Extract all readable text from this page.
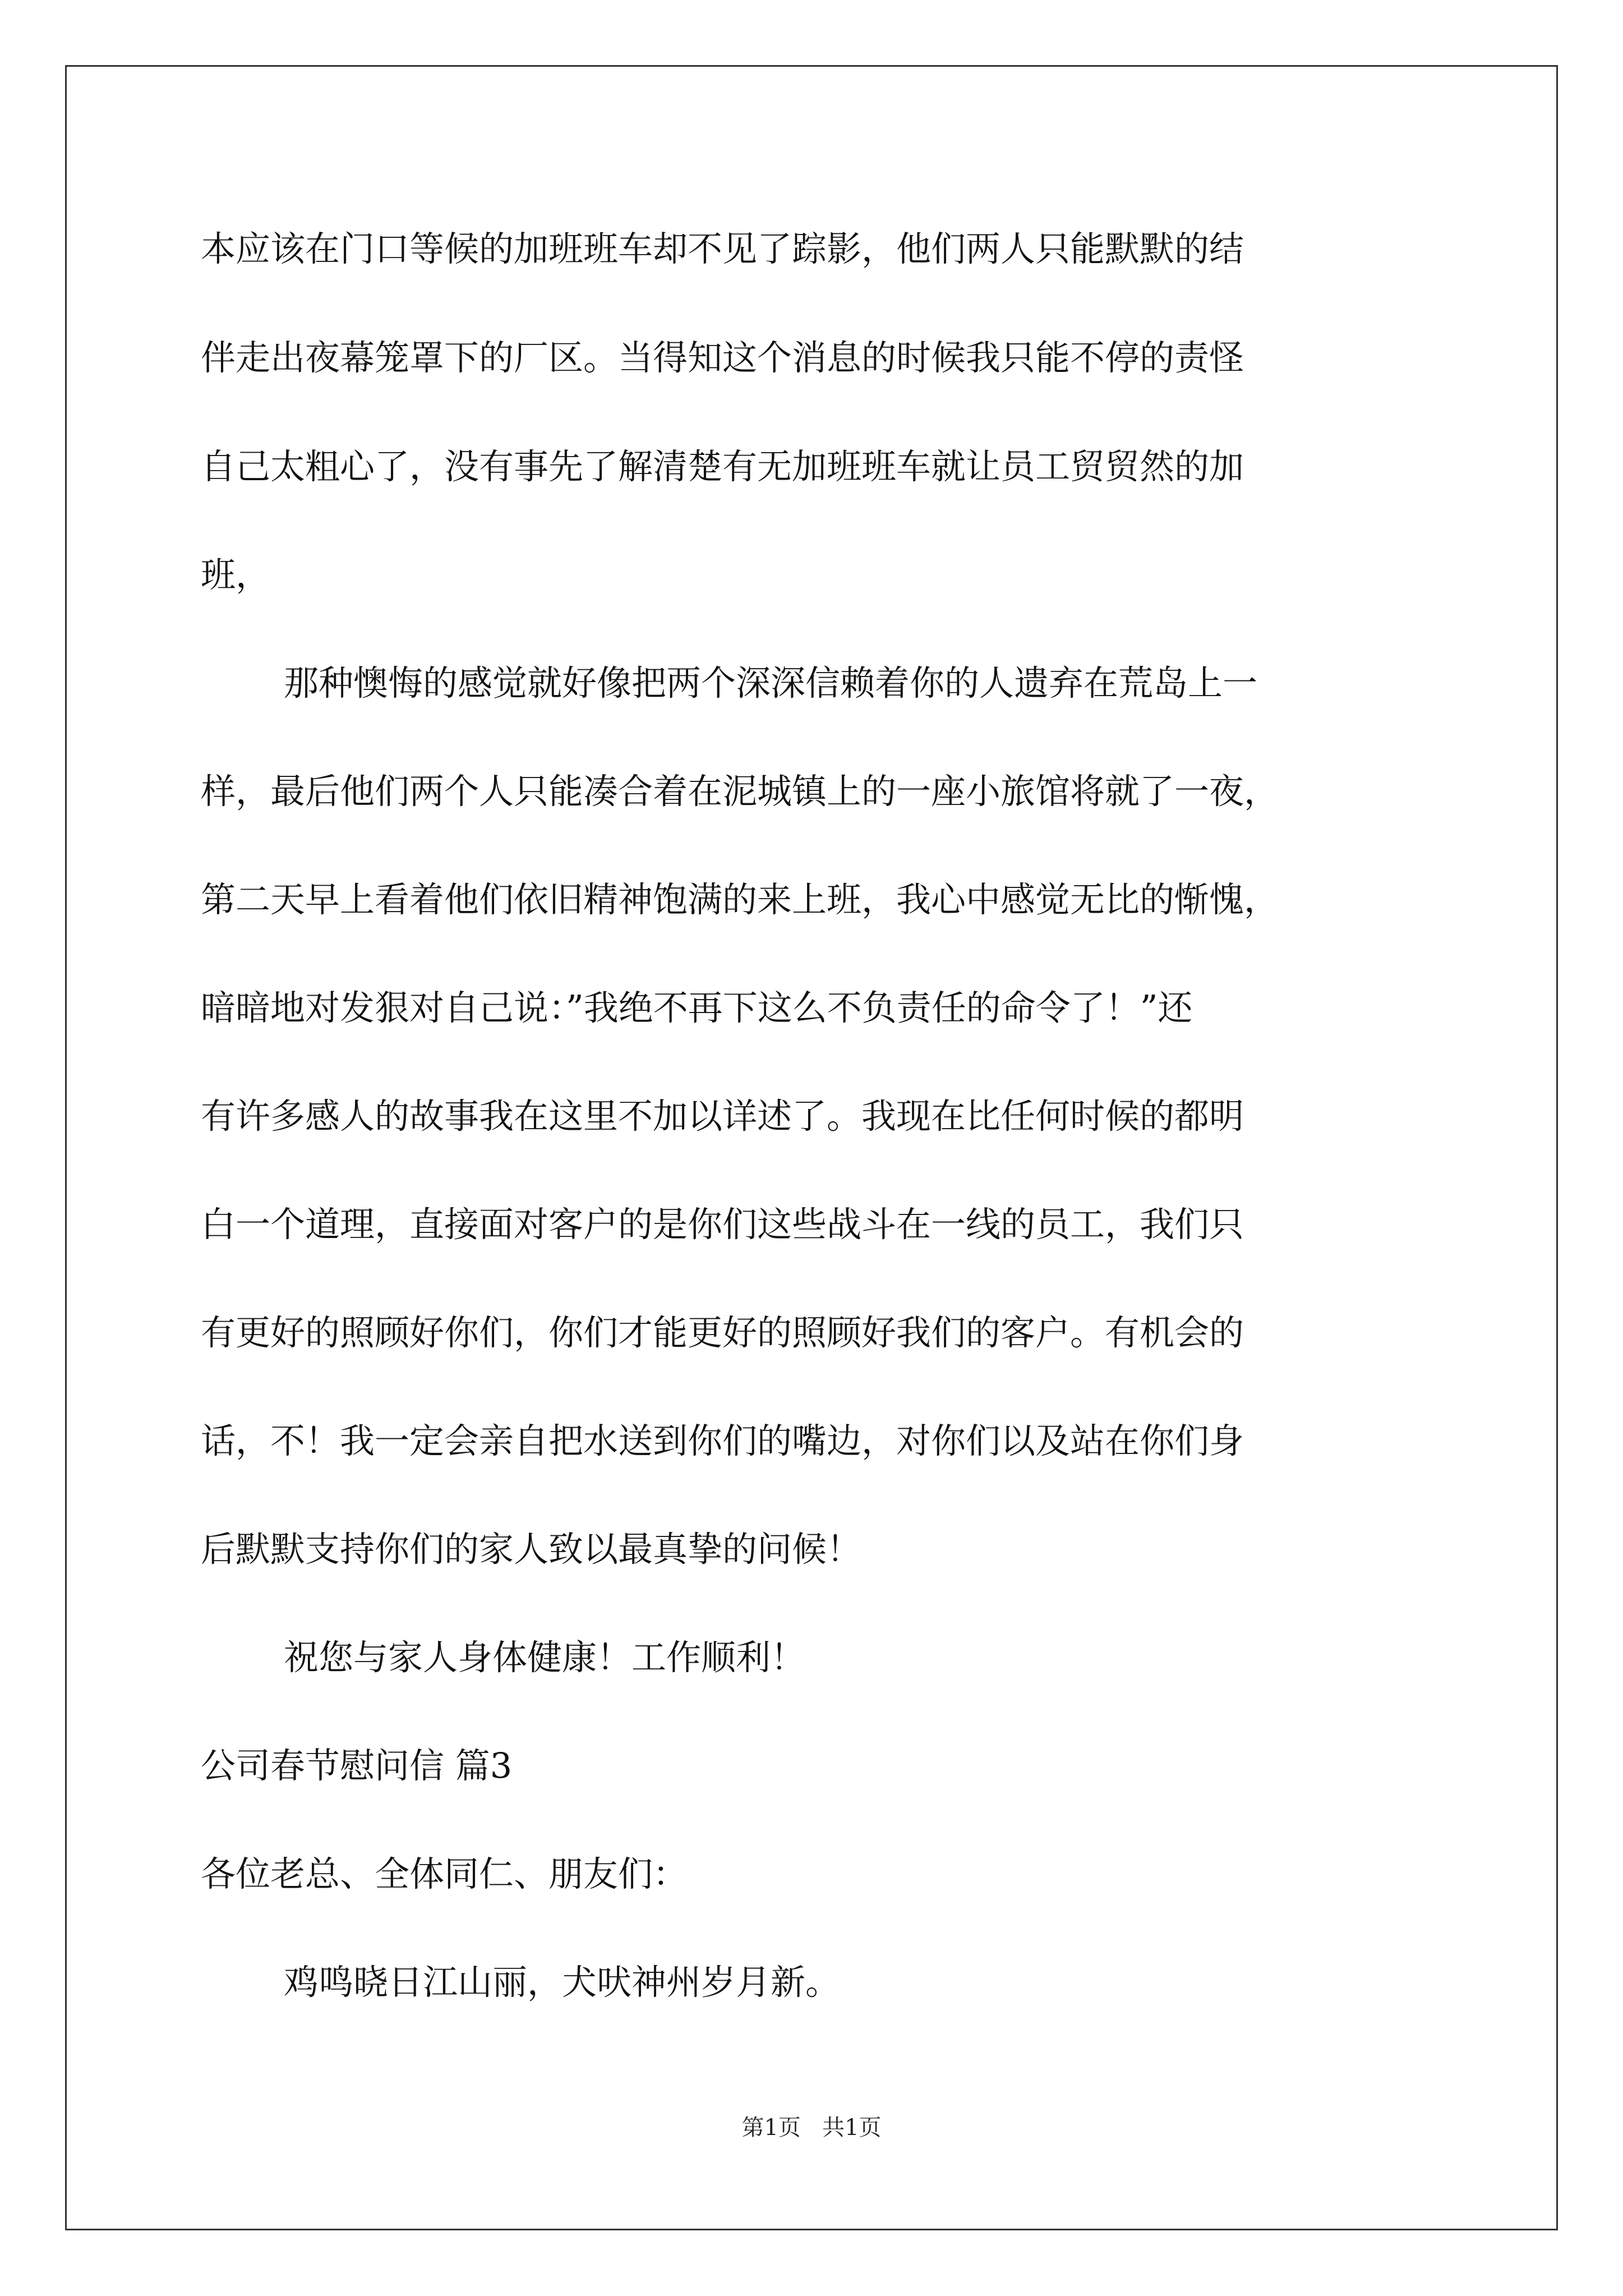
本应该在门口等候的加班班车却不见了踪影，他们两人只能默默的结

伴走出夜幕笼罩下的厂区。当得知这个消息的时候我只能不停的责怪

自己太粗心了，没有事先了解清楚有无加班班车就让员工贸贸然的加

班，

那种懊悔的感觉就好像把两个深深信赖着你的人遗弃在荒岛上一

样，最后他们两个人只能凑合着在泥城镇上的一座小旅馆将就了一夜，

第二天早上看着他们依旧精神饱满的来上班，我心中感觉无比的惭愧，

暗暗地对发狠对自己说：”我绝不再下这么不负责任的命令了！”还

有许多感人的故事我在这里不加以详述了。我现在比任何时候的都明

白一个道理，直接面对客户的是你们这些战斗在一线的员工，我们只

有更好的照顾好你们，你们才能更好的照顾好我们的客户。有机会的

话，不！我一定会亲自把水送到你们的嘴边，对你们以及站在你们身

后默默支持你们的家人致以最真挚的问候！

祝您与家人身体健康！工作顺利！

公司春节慰问信 篇3

各位老总、全体同仁、朋友们：

鸡鸣晓日江山丽，犬吠神州岁月新。

第1页   共1页
